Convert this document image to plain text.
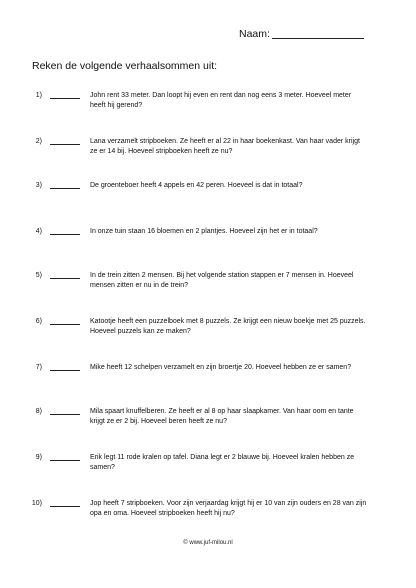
Naam:
Reken de volgende verhaalsommen uit:
1)	John rent 33 meter. Dan loopt hij even en rent dan nog eens 3 meter. Hoeveel meter heeft hij gerend?
2)	Lana verzamelt stripboeken. Ze heeft er al 22 in haar boekenkast. Van haar vader krijgt ze er 14 bij. Hoeveel stripboeken heeft ze nu?
3)	De groenteboer heeft 4 appels en 42 peren. Hoeveel is dat in totaal?
4)	In onze tuin staan 16 bloemen en 2 plantjes. Hoeveel zijn het er in totaal?
5)	In de trein zitten 2 mensen. Bij het volgende station stappen er 7 mensen in. Hoeveel mensen zitten er nu in de trein?
6)	Katootje heeft een puzzelboek met 8 puzzels. Ze krijgt een nieuw boekje met 25 puzzels. Hoeveel puzzels kan ze maken?
7)	Mike heeft 12 schelpen verzamelt en zijn broertje 20. Hoeveel hebben ze er samen?
8)	Mila spaart knuffelberen. Ze heeft er al 8 op haar slaapkamer. Van haar oom en tante krijgt ze er 2 bij. Hoeveel beren heeft ze nu?
9)	Erik legt 11 rode kralen op tafel. Diana legt er 2 blauwe bij. Hoeveel kralen hebben ze samen?
10)	Jop heeft 7 stripboeken. Voor zijn verjaardag krijgt hij er 10 van zijn ouders en 28 van zijn opa en oma. Hoeveel stripboeken heeft hij nu?
© www.juf-milou.nl
